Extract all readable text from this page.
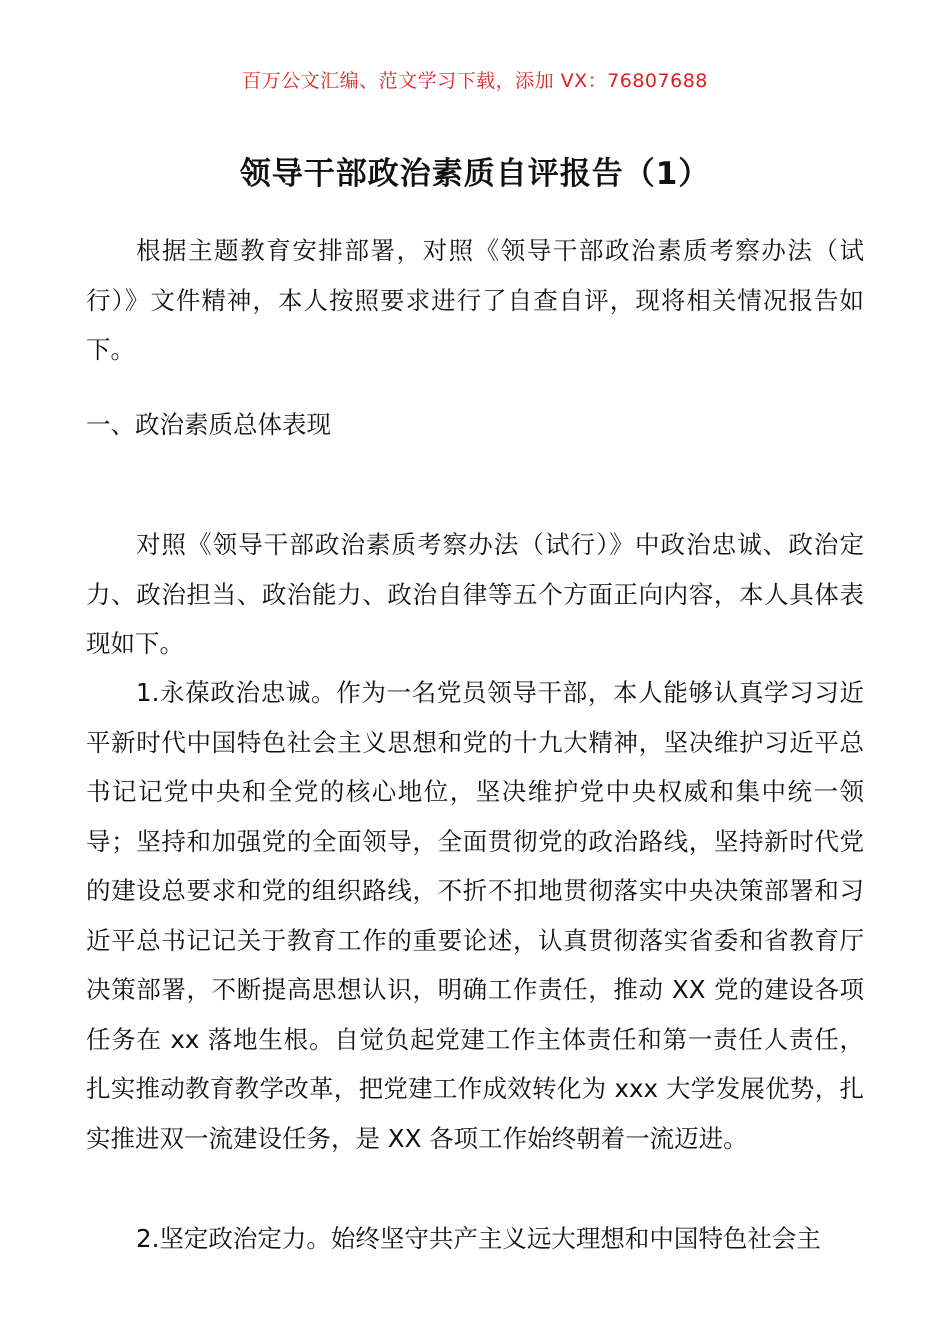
百万公文汇编、范文学习下载，添加 VX：76807688
领导干部政治素质自评报告（1）

根据主题教育安排部署，对照《领导干部政治素质考察办法（试行）》文件精神，本人按照要求进行了自查自评，现将相关情况报告如下。

一、政治素质总体表现

对照《领导干部政治素质考察办法（试行）》中政治忠诚、政治定力、政治担当、政治能力、政治自律等五个方面正向内容，本人具体表现如下。

1.永葆政治忠诚。作为一名党员领导干部，本人能够认真学习习近平新时代中国特色社会主义思想和党的十九大精神，坚决维护习近平总书记记党中央和全党的核心地位，坚决维护党中央权威和集中统一领导；坚持和加强党的全面领导，全面贯彻党的政治路线，坚持新时代党的建设总要求和党的组织路线，不折不扣地贯彻落实中央决策部署和习近平总书记记关于教育工作的重要论述，认真贯彻落实省委和省教育厅决策部署，不断提高思想认识，明确工作责任，推动 XX 党的建设各项任务在 xx 落地生根。自觉负起党建工作主体责任和第一责任人责任，扎实推动教育教学改革，把党建工作成效转化为 xxx 大学发展优势，扎实推进双一流建设任务，是 XX 各项工作始终朝着一流迈进。

2.坚定政治定力。始终坚守共产主义远大理想和中国特色社会主
